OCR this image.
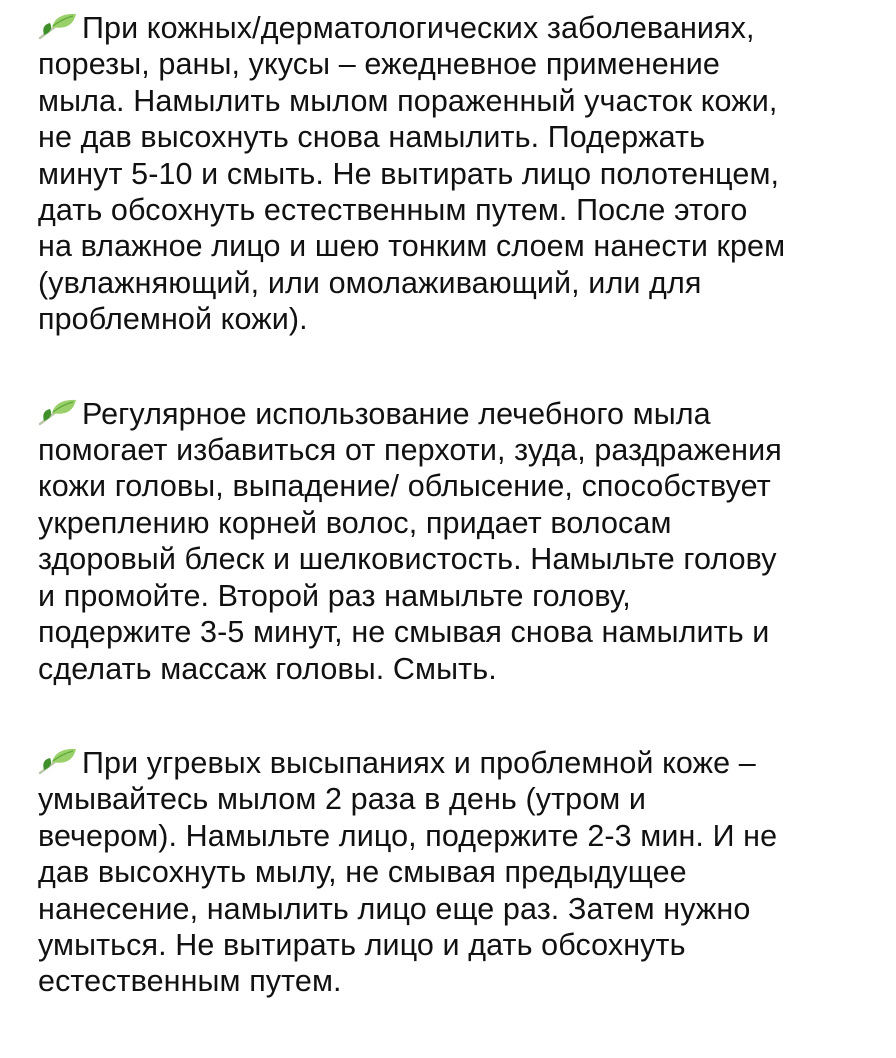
При кожных/дерматологических заболеваниях,
порезы, раны, укусы – ежедневное применение
мыла. Намылить мылом пораженный участок кожи,
не дав высохнуть снова намылить. Подержать
минут 5-10 и смыть. Не вытирать лицо полотенцем,
дать обсохнуть естественным путем. После этого
на влажное лицо и шею тонким слоем нанести крем
(увлажняющий, или омолаживающий, или для
проблемной кожи).

Регулярное использование лечебного мыла
помогает избавиться от перхоти, зуда, раздражения
кожи головы, выпадение/ облысение, способствует
укреплению корней волос, придает волосам
здоровый блеск и шелковистость. Намыльте голову
и промойте. Второй раз намыльте голову,
подержите 3-5 минут, не смывая снова намылить и
сделать массаж головы. Смыть.

При угревых высыпаниях и проблемной коже –
умывайтесь мылом 2 раза в день (утром и
вечером). Намыльте лицо, подержите 2-3 мин. И не
дав высохнуть мылу, не смывая предыдущее
нанесение, намылить лицо еще раз. Затем нужно
умыться. Не вытирать лицо и дать обсохнуть
естественным путем.
